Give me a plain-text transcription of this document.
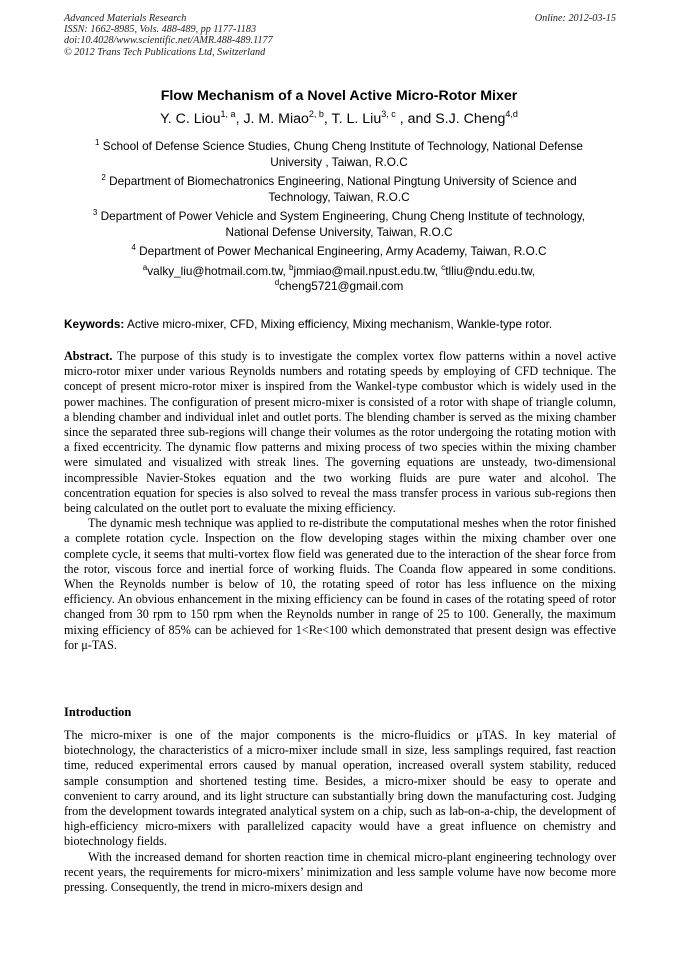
Advanced Materials Research
ISSN: 1662-8985, Vols. 488-489, pp 1177-1183
doi:10.4028/www.scientific.net/AMR.488-489.1177
© 2012 Trans Tech Publications Ltd, Switzerland
Online: 2012-03-15
Flow Mechanism of a Novel Active Micro-Rotor Mixer
Y. C. Liou$^{1, a}$, J. M. Miao$^{2, b}$, T. L. Liu$^{3, c}$ , and S.J. Cheng$^{4,d}$
$^1$ School of Defense Science Studies, Chung Cheng Institute of Technology, National Defense
University , Taiwan, R.O.C
$^2$ Department of Biomechatronics Engineering, National Pingtung University of Science and
Technology, Taiwan, R.O.C
$^3$ Department of Power Vehicle and System Engineering, Chung Cheng Institute of technology,
National Defense University, Taiwan, R.O.C
$^4$ Department of Power Mechanical Engineering, Army Academy, Taiwan, R.O.C
$^a$valky_liu@hotmail.com.tw, $^b$jmmiao@mail.npust.edu.tw, $^c$tlliu@ndu.edu.tw,
$^d$cheng5721@gmail.com
Keywords: Active micro-mixer, CFD, Mixing efficiency, Mixing mechanism, Wankle-type rotor.

Abstract. The purpose of this study is to investigate the complex vortex flow patterns within a novel active micro-rotor mixer under various Reynolds numbers and rotating speeds by employing of CFD technique. The concept of present micro-rotor mixer is inspired from the Wankel-type combustor which is widely used in the power machines. The configuration of present micro-mixer is consisted of a rotor with shape of triangle column, a blending chamber and individual inlet and outlet ports. The blending chamber is served as the mixing chamber since the separated three sub-regions will change their volumes as the rotor undergoing the rotating motion with a fixed eccentricity. The dynamic flow patterns and mixing process of two species within the mixing chamber were simulated and visualized with streak lines. The governing equations are unsteady, two-dimensional incompressible Navier-Stokes equation and the two working fluids are pure water and alcohol. The concentration equation for species is also solved to reveal the mass transfer process in various sub-regions then being calculated on the outlet port to evaluate the mixing efficiency.

The dynamic mesh technique was applied to re-distribute the computational meshes when the rotor finished a complete rotation cycle. Inspection on the flow developing stages within the mixing chamber over one complete cycle, it seems that multi-vortex flow field was generated due to the interaction of the shear force from the rotor, viscous force and inertial force of working fluids. The Coanda flow appeared in some conditions. When the Reynolds number is below of 10, the rotating speed of rotor has less influence on the mixing efficiency. An obvious enhancement in the mixing efficiency can be found in cases of the rotating speed of rotor changed from 30 rpm to 150 rpm when the Reynolds number in range of 25 to 100. Generally, the maximum mixing efficiency of 85% can be achieved for 1<Re<100 which demonstrated that present design was effective for μ-TAS.

Introduction

The micro-mixer is one of the major components is the micro-fluidics or μTAS. In key material of biotechnology, the characteristics of a micro-mixer include small in size, less samplings required, fast reaction time, reduced experimental errors caused by manual operation, increased overall system stability, reduced sample consumption and shortened testing time. Besides, a micro-mixer should be easy to operate and convenient to carry around, and its light structure can substantially bring down the manufacturing cost. Judging from the development towards integrated analytical system on a chip, such as lab-on-a-chip, the development of high-efficiency micro-mixers with parallelized capacity would have a great influence on chemistry and biotechnology fields.

With the increased demand for shorten reaction time in chemical micro-plant engineering technology over recent years, the requirements for micro-mixers’ minimization and less sample volume have now become more pressing. Consequently, the trend in micro-mixers design and
